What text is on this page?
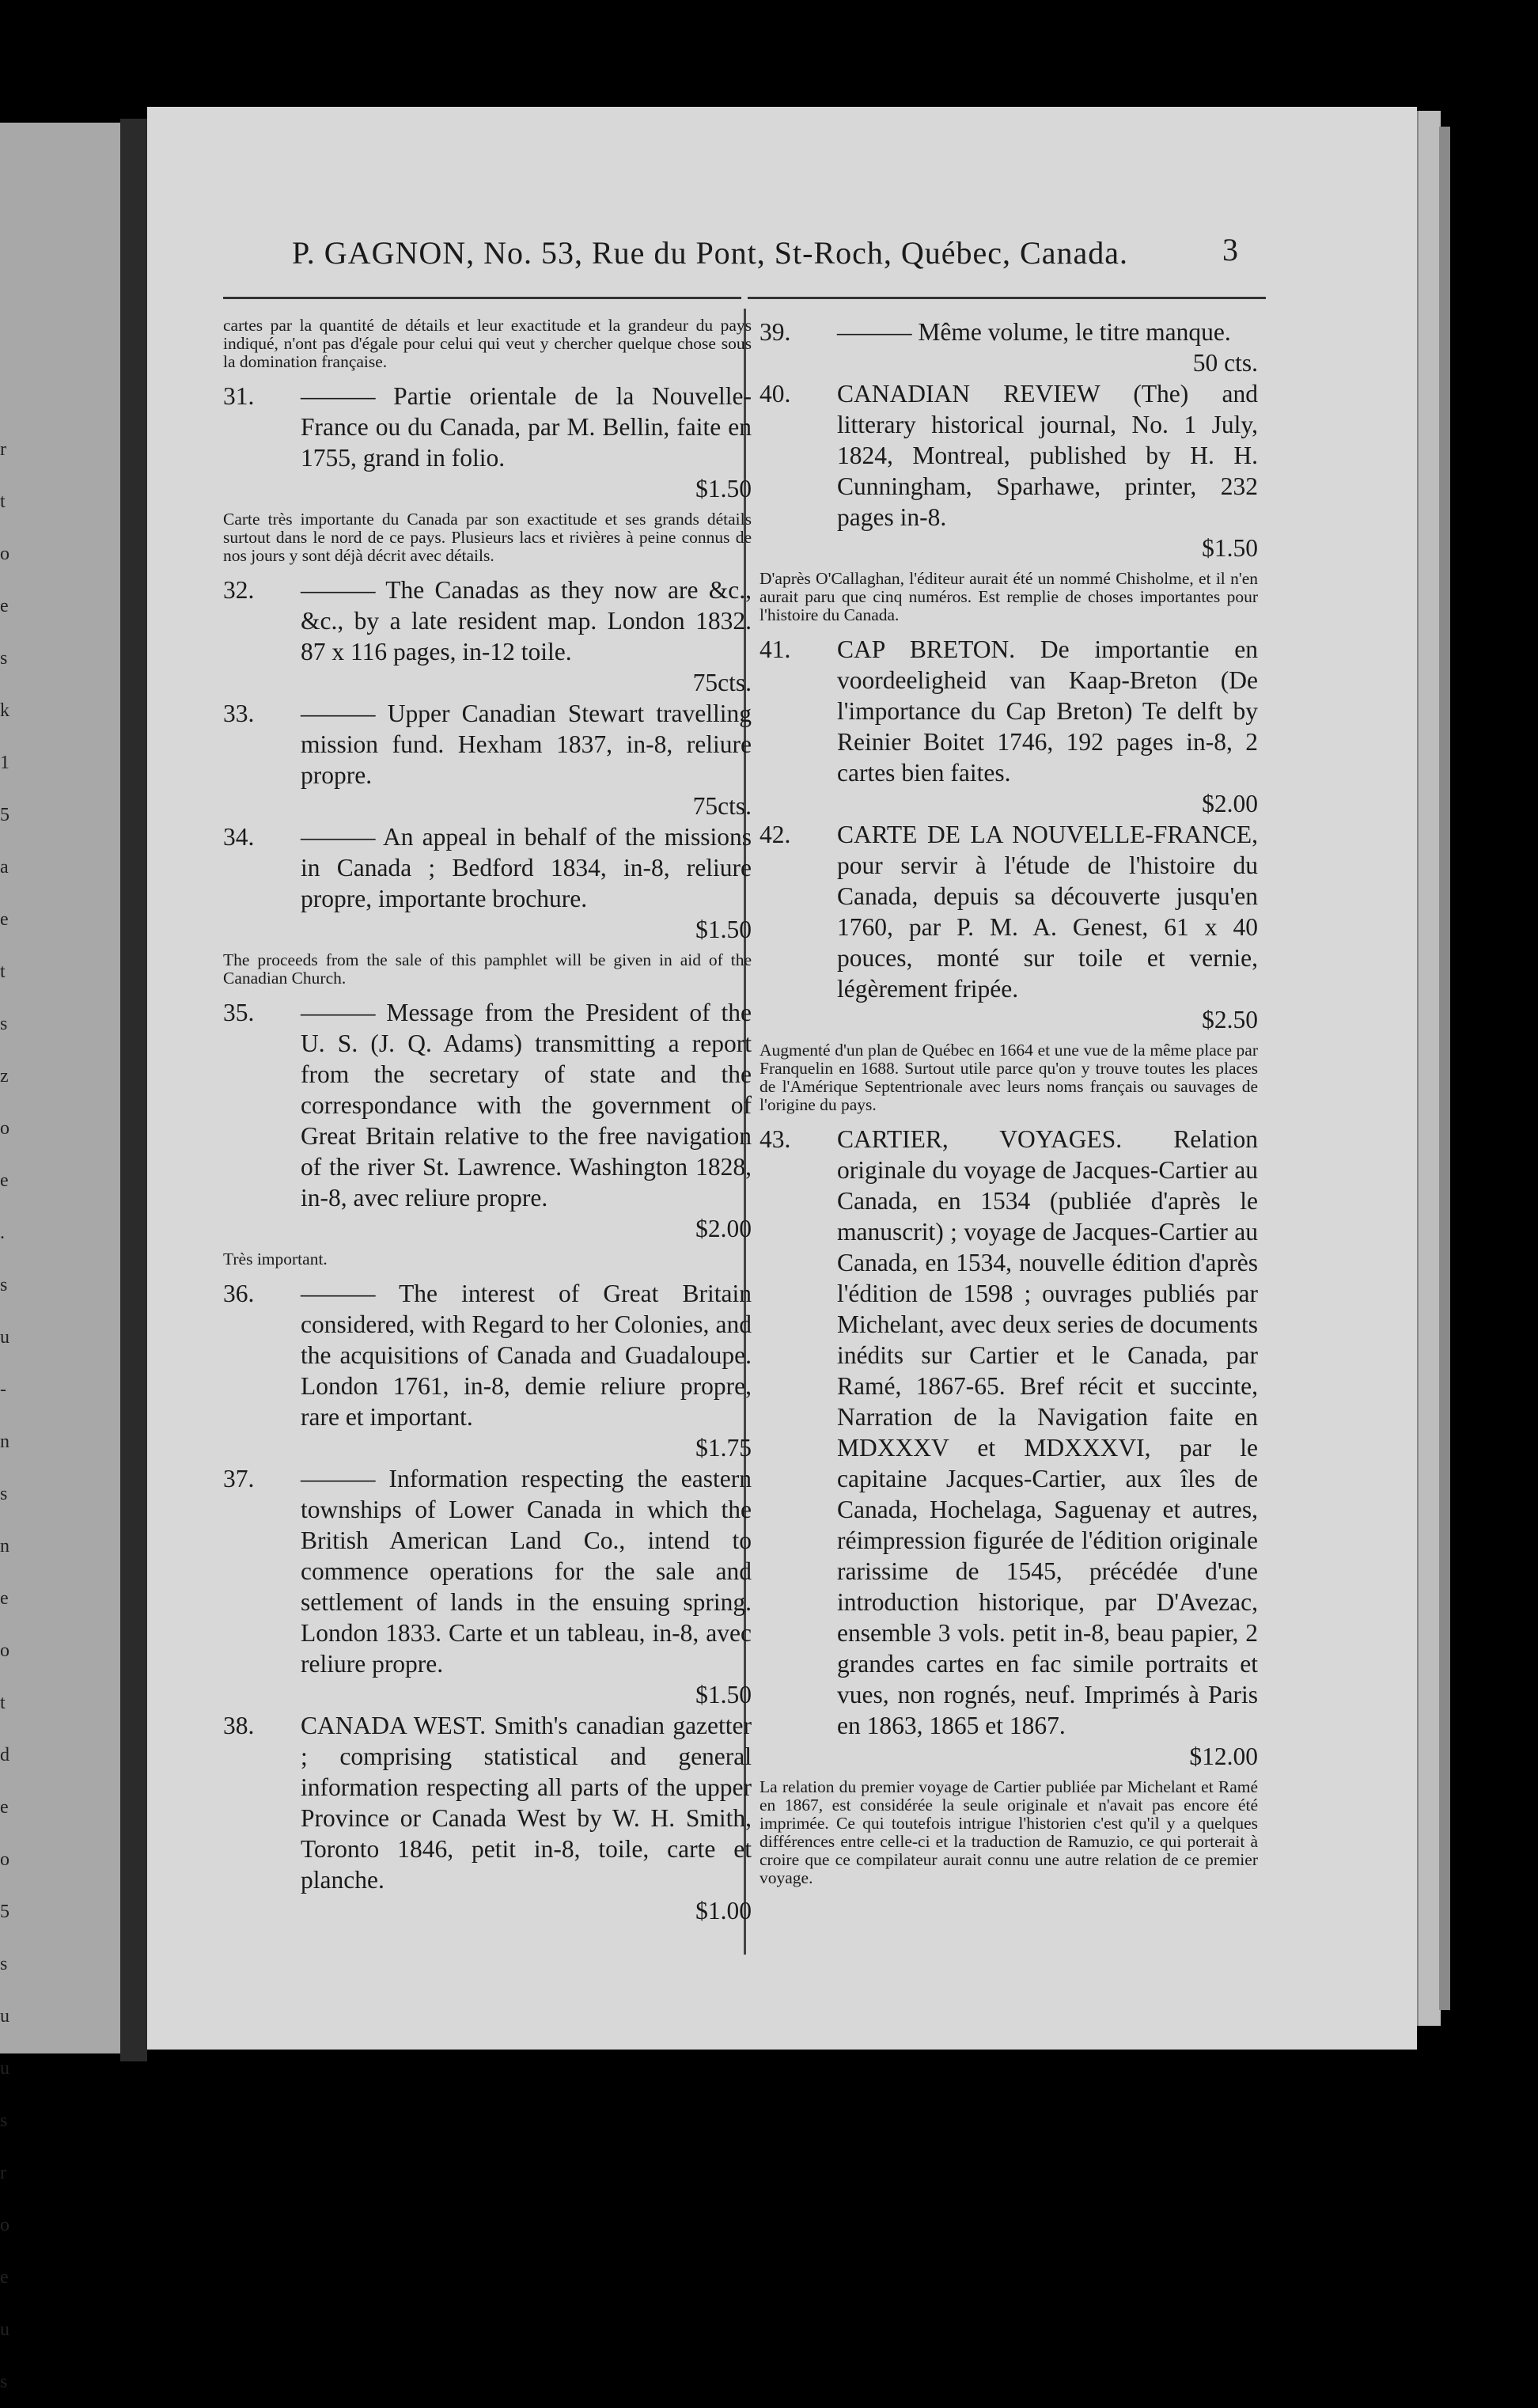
r
t
o
e
s
k
1
5
a
e
t
s
z
o
e
.
s
u
-
n
s
n
e
o
t
d
e
o
5
s
u
u
s
r
o
e
u
s
P. GAGNON, No. 53, Rue du Pont, St-Roch, Québec, Canada.	3
cartes par la quantité de détails et leur exactitude et la grandeur du pays indiqué, n'ont pas d'égale pour celui qui veut y chercher quelque chose sous la domination française.
31. ——— Partie orientale de la Nouvelle-France ou du Canada, par M. Bellin, faite en 1755, grand in folio.
$1.50
Carte très importante du Canada par son exactitude et ses grands détails surtout dans le nord de ce pays. Plusieurs lacs et rivières à peine connus de nos jours y sont déjà décrit avec détails.
32. ——— The Canadas as they now are &c., &c., by a late resident map. London 1832. 87 x 116 pages, in-12 toile.
75cts.
33. ——— Upper Canadian Stewart travelling mission fund. Hexham 1837, in-8, reliure propre.
75cts.
34. ——— An appeal in behalf of the missions in Canada ; Bedford 1834, in-8, reliure propre, importante brochure.
$1.50
The proceeds from the sale of this pamphlet will be given in aid of the Canadian Church.
35. ——— Message from the President of the U. S. (J. Q. Adams) transmitting a report from the secretary of state and the correspondance with the government of Great Britain relative to the free navigation of the river St. Lawrence. Washington 1828, in-8, avec reliure propre.
$2.00
Très important.
36. ——— The interest of Great Britain considered, with Regard to her Colonies, and the acquisitions of Canada and Guadaloupe. London 1761, in-8, demie reliure propre, rare et important.
$1.75
37. ——— Information respecting the eastern townships of Lower Canada in which the British American Land Co., intend to commence operations for the sale and settlement of lands in the ensuing spring. London 1833. Carte et un tableau, in-8, avec reliure propre.
$1.50
38. CANADA WEST. Smith's canadian gazetter ; comprising statistical and general information respecting all parts of the upper Province or Canada West by W. H. Smith, Toronto 1846, petit in-8, toile, carte et planche.
$1.00
39. ——— Même volume, le titre manque.
50 cts.
40. CANADIAN REVIEW (The) and litterary historical journal, No. 1 July, 1824, Montreal, published by H. H. Cunningham, Sparhawe, printer, 232 pages in-8.
$1.50
D'après O'Callaghan, l'éditeur aurait été un nommé Chisholme, et il n'en aurait paru que cinq numéros. Est remplie de choses importantes pour l'histoire du Canada.
41. CAP BRETON. De importantie en voordeeligheid van Kaap-Breton (De l'importance du Cap Breton) Te delft by Reinier Boitet 1746, 192 pages in-8, 2 cartes bien faites.
$2.00
42. CARTE DE LA NOUVELLE-FRANCE, pour servir à l'étude de l'histoire du Canada, depuis sa découverte jusqu'en 1760, par P. M. A. Genest, 61 x 40 pouces, monté sur toile et vernie, légèrement fripée.
$2.50
Augmenté d'un plan de Québec en 1664 et une vue de la même place par Franquelin en 1688. Surtout utile parce qu'on y trouve toutes les places de l'Amérique Septentrionale avec leurs noms français ou sauvages de l'origine du pays.
43. CARTIER, VOYAGES. Relation originale du voyage de Jacques-Cartier au Canada, en 1534 (publiée d'après le manuscrit) ; voyage de Jacques-Cartier au Canada, en 1534, nouvelle édition d'après l'édition de 1598 ; ouvrages publiés par Michelant, avec deux series de documents inédits sur Cartier et le Canada, par Ramé, 1867-65. Bref récit et succinte, Narration de la Navigation faite en MDXXXV et MDXXXVI, par le capitaine Jacques-Cartier, aux îles de Canada, Hochelaga, Saguenay et autres, réimpression figurée de l'édition originale rarissime de 1545, précédée d'une introduction historique, par D'Avezac, ensemble 3 vols. petit in-8, beau papier, 2 grandes cartes en fac simile portraits et vues, non rognés, neuf. Imprimés à Paris en 1863, 1865 et 1867.
$12.00
La relation du premier voyage de Cartier publiée par Michelant et Ramé en 1867, est considérée la seule originale et n'avait pas encore été imprimée. Ce qui toutefois intrigue l'historien c'est qu'il y a quelques différences entre celle-ci et la traduction de Ramuzio, ce qui porterait à croire que ce compilateur aurait connu une autre relation de ce premier voyage.
